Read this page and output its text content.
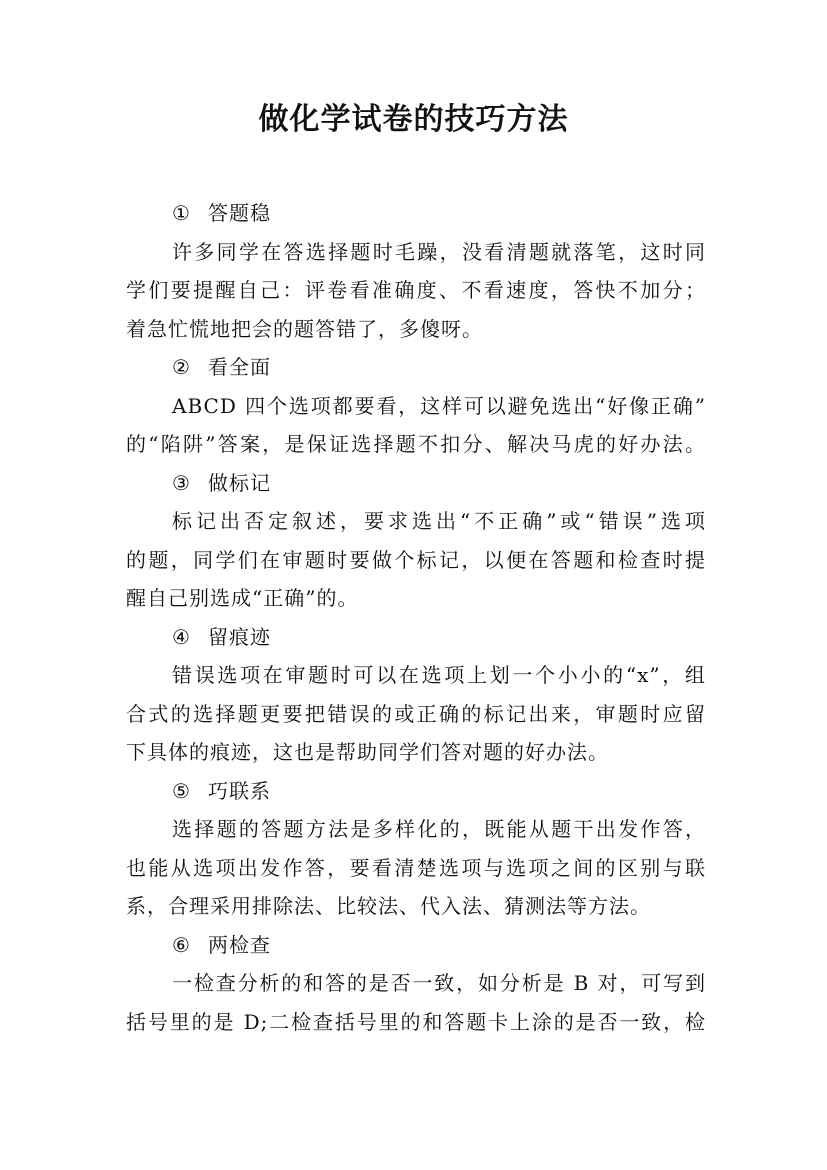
做化学试卷的技巧方法
① 答题稳
许多同学在答选择题时毛躁，没看清题就落笔，这时同
学们要提醒自己：评卷看准确度、不看速度，答快不加分；
着急忙慌地把会的题答错了，多傻呀。
② 看全面
ABCD 四个选项都要看，这样可以避免选出“好像正确”
的“陷阱”答案，是保证选择题不扣分、解决马虎的好办法。
③ 做标记
标记出否定叙述，要求选出“不正确”或“错误”选项
的题，同学们在审题时要做个标记，以便在答题和检查时提
醒自己别选成“正确”的。
④ 留痕迹
错误选项在审题时可以在选项上划一个小小的“x”，组
合式的选择题更要把错误的或正确的标记出来，审题时应留
下具体的痕迹，这也是帮助同学们答对题的好办法。
⑤ 巧联系
选择题的答题方法是多样化的，既能从题干出发作答，
也能从选项出发作答，要看清楚选项与选项之间的区别与联
系，合理采用排除法、比较法、代入法、猜测法等方法。
⑥ 两检查
一检查分析的和答的是否一致，如分析是 B 对，可写到
括号里的是 D;二检查括号里的和答题卡上涂的是否一致，检
